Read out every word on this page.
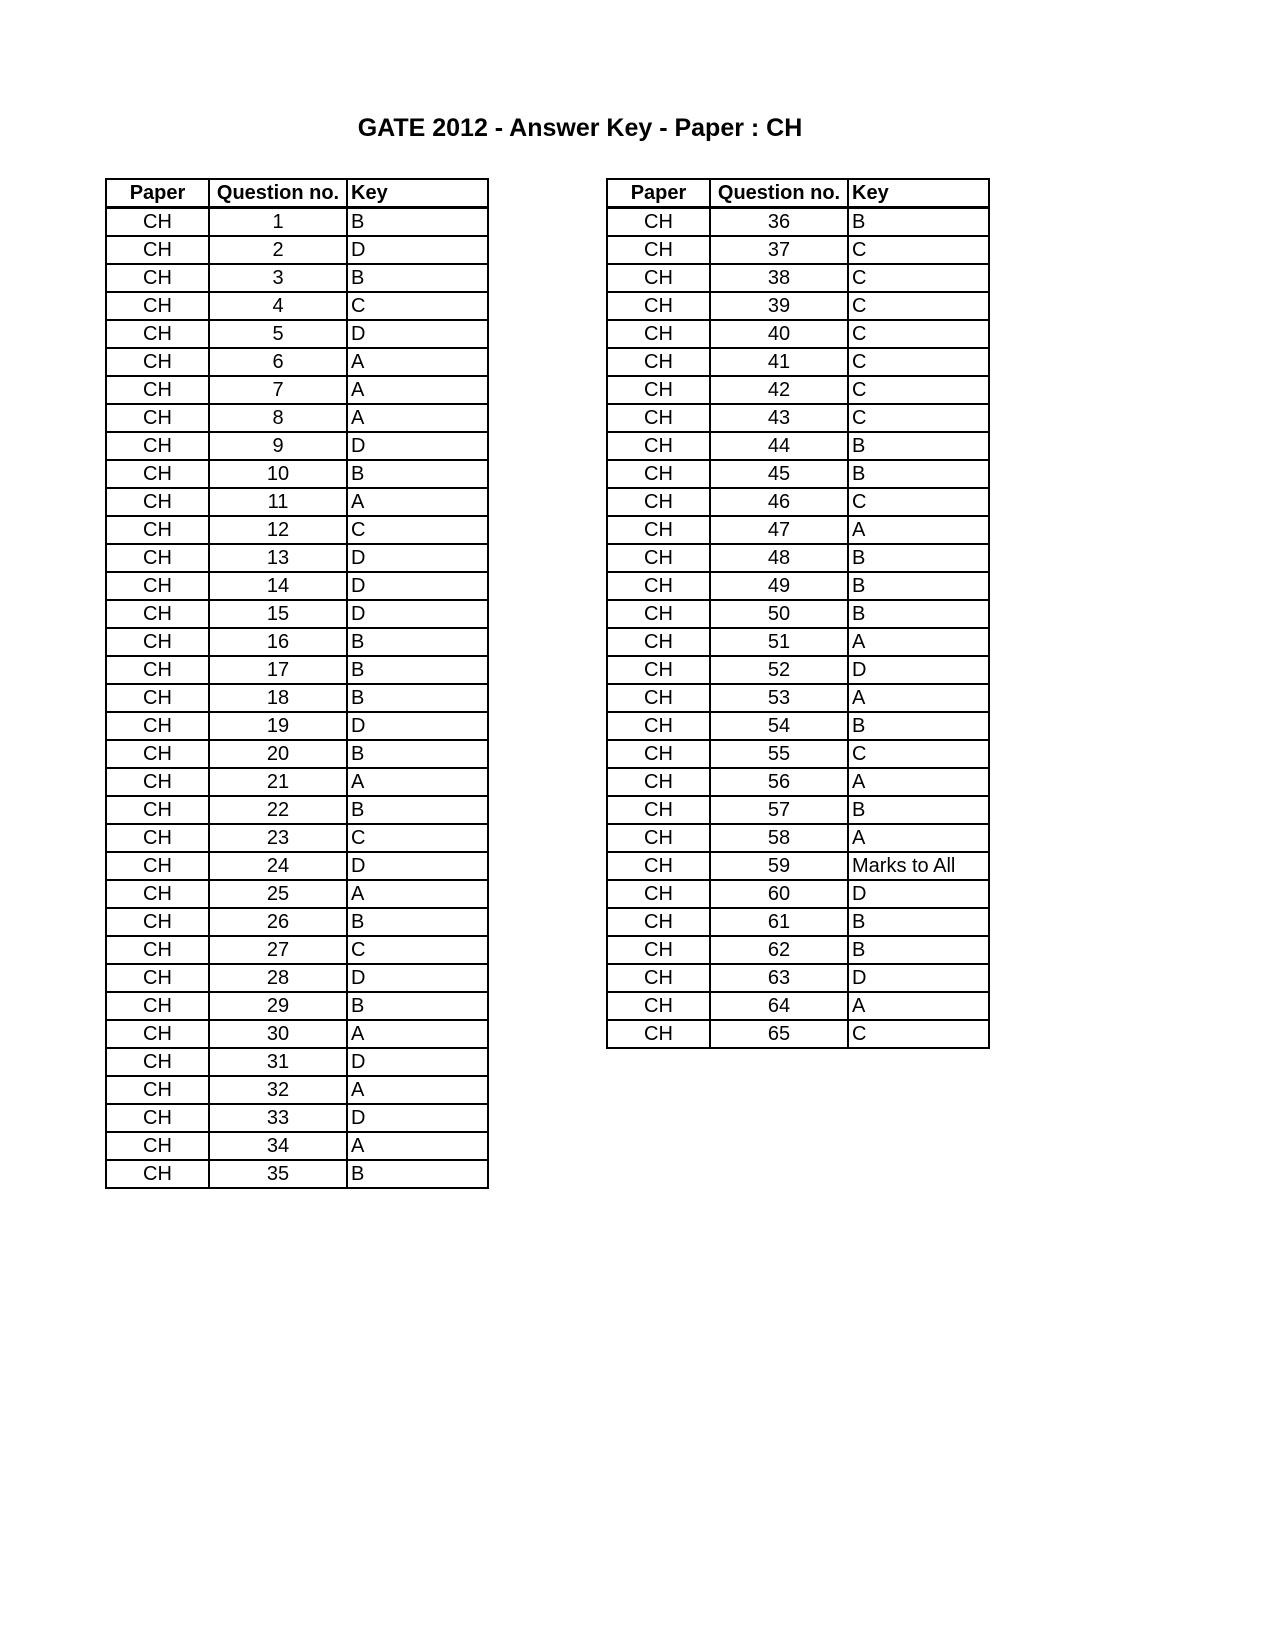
GATE 2012 - Answer Key - Paper : CH
Paper	Question no.	Key
CH	1	B
CH	2	D
CH	3	B
CH	4	C
CH	5	D
CH	6	A
CH	7	A
CH	8	A
CH	9	D
CH	10	B
CH	11	A
CH	12	C
CH	13	D
CH	14	D
CH	15	D
CH	16	B
CH	17	B
CH	18	B
CH	19	D
CH	20	B
CH	21	A
CH	22	B
CH	23	C
CH	24	D
CH	25	A
CH	26	B
CH	27	C
CH	28	D
CH	29	B
CH	30	A
CH	31	D
CH	32	A
CH	33	D
CH	34	A
CH	35	B
Paper	Question no.	Key
CH	36	B
CH	37	C
CH	38	C
CH	39	C
CH	40	C
CH	41	C
CH	42	C
CH	43	C
CH	44	B
CH	45	B
CH	46	C
CH	47	A
CH	48	B
CH	49	B
CH	50	B
CH	51	A
CH	52	D
CH	53	A
CH	54	B
CH	55	C
CH	56	A
CH	57	B
CH	58	A
CH	59	Marks to All
CH	60	D
CH	61	B
CH	62	B
CH	63	D
CH	64	A
CH	65	C
